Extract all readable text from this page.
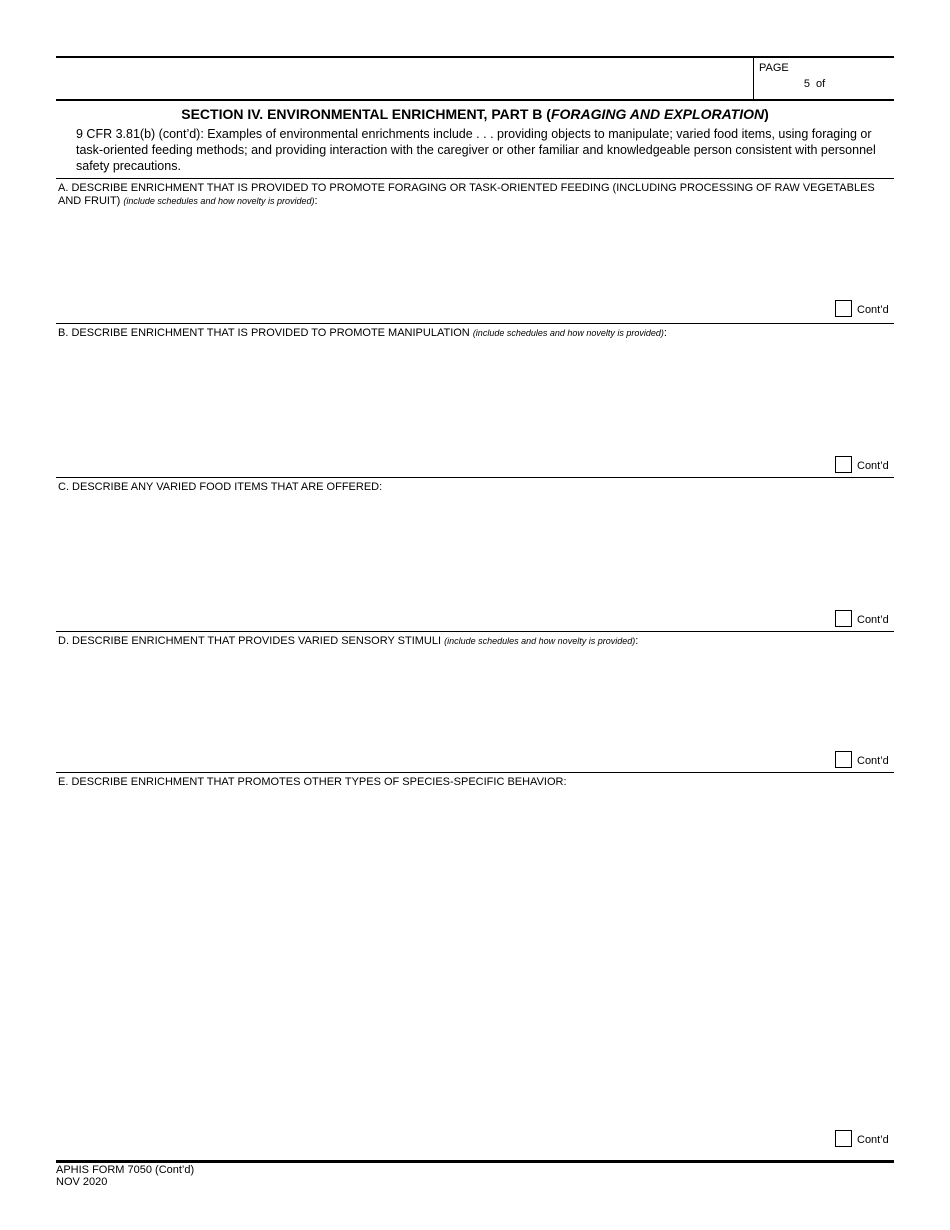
PAGE
5
of
SECTION IV. ENVIRONMENTAL ENRICHMENT, PART B (FORAGING AND EXPLORATION)
9 CFR 3.81(b) (cont’d): Examples of environmental enrichments include . . . providing objects to manipulate; varied food items, using foraging or task-oriented feeding methods; and providing interaction with the caregiver or other familiar and knowledgeable person consistent with personnel safety precautions.
A. DESCRIBE ENRICHMENT THAT IS PROVIDED TO PROMOTE FORAGING OR TASK-ORIENTED FEEDING (INCLUDING PROCESSING OF RAW VEGETABLES AND FRUIT) (include schedules and how novelty is provided):
Cont’d
B. DESCRIBE ENRICHMENT THAT IS PROVIDED TO PROMOTE MANIPULATION (include schedules and how novelty is provided):
Cont’d
C. DESCRIBE ANY VARIED FOOD ITEMS THAT ARE OFFERED:
Cont’d
D. DESCRIBE ENRICHMENT THAT PROVIDES VARIED SENSORY STIMULI (include schedules and how novelty is provided):
Cont’d
E. DESCRIBE ENRICHMENT THAT PROMOTES OTHER TYPES OF SPECIES-SPECIFIC BEHAVIOR:
Cont’d
APHIS FORM 7050 (Cont’d)
NOV 2020
